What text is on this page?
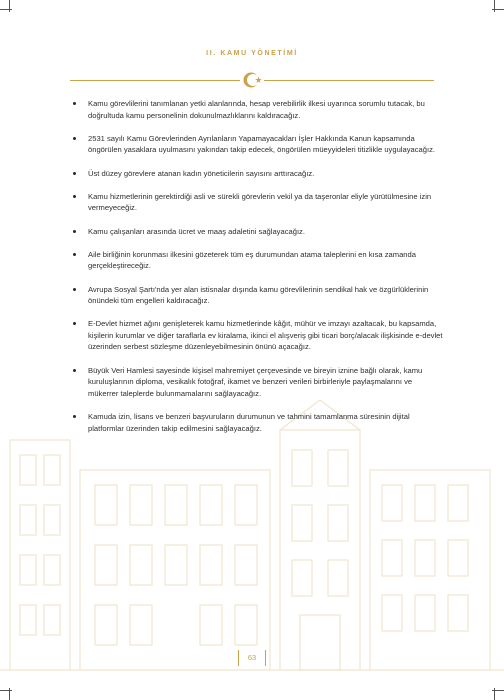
II. KAMU YÖNETİMİ
Kamu görevlilerini tanımlanan yetki alanlarında, hesap verebilirlik ilkesi uyarınca sorumlu tutacak, bu doğrultuda kamu personelinin dokunulmazlıklarını kaldıracağız.
2531 sayılı Kamu Görevlerinden Ayrılanların Yapamayacakları İşler Hakkında Kanun kapsamında öngörülen yasaklara uyulmasını yakından takip edecek, öngörülen müeyyideleri titizlikle uygulayacağız.
Üst düzey görevlere atanan kadın yöneticilerin sayısını arttıracağız.
Kamu hizmetlerinin gerektirdiği asli ve sürekli görevlerin vekil ya da taşeronlar eliyle yürütülmesine izin vermeyeceğiz.
Kamu çalışanları arasında ücret ve maaş adaletini sağlayacağız.
Aile birliğinin korunması ilkesini gözeterek tüm eş durumundan atama taleplerini en kısa zamanda gerçekleştireceğiz.
Avrupa Sosyal Şartı'nda yer alan istisnalar dışında kamu görevlilerinin sendikal hak ve özgürlüklerinin önündeki tüm engelleri kaldıracağız.
E-Devlet hizmet ağını genişleterek kamu hizmetlerinde kâğıt, mühür ve imzayı azaltacak, bu kapsamda, kişilerin kurumlar ve diğer taraflarla ev kiralama, ikinci el alışveriş gibi ticari borç/alacak ilişkisinde e-devlet üzerinden serbest sözleşme düzenleyebilmesinin önünü açacağız.
Büyük Veri Hamlesi sayesinde kişisel mahremiyet çerçevesinde ve bireyin iznine bağlı olarak, kamu kuruluşlarının diploma, vesikalık fotoğraf, ikamet ve benzeri verileri birbirleriyle paylaşmalarını ve mükerrer taleplerde bulunmamalarını sağlayacağız.
Kamuda izin, lisans ve benzeri başvuruların durumunun ve tahmini tamamlanma süresinin dijital platformlar üzerinden takip edilmesini sağlayacağız.
63
